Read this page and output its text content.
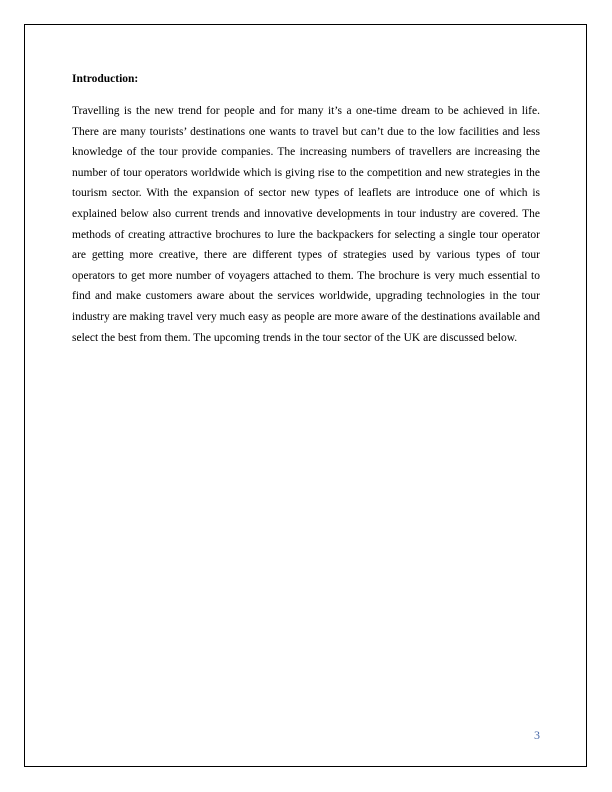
Introduction:

Travelling is the new trend for people and for many it’s a one-time dream to be achieved in life. There are many tourists’ destinations one wants to travel but can’t due to the low facilities and less knowledge of the tour provide companies. The increasing numbers of travellers are increasing the number of tour operators worldwide which is giving rise to the competition and new strategies in the tourism sector. With the expansion of sector new types of leaflets are introduce one of which is explained below also current trends and innovative developments in tour industry are covered. The methods of creating attractive brochures to lure the backpackers for selecting a single tour operator are getting more creative, there are different types of strategies used by various types of tour operators to get more number of voyagers attached to them. The brochure is very much essential to find and make customers aware about the services worldwide, upgrading technologies in the tour industry are making travel very much easy as people are more aware of the destinations available and select the best from them. The upcoming trends in the tour sector of the UK are discussed below.

3
